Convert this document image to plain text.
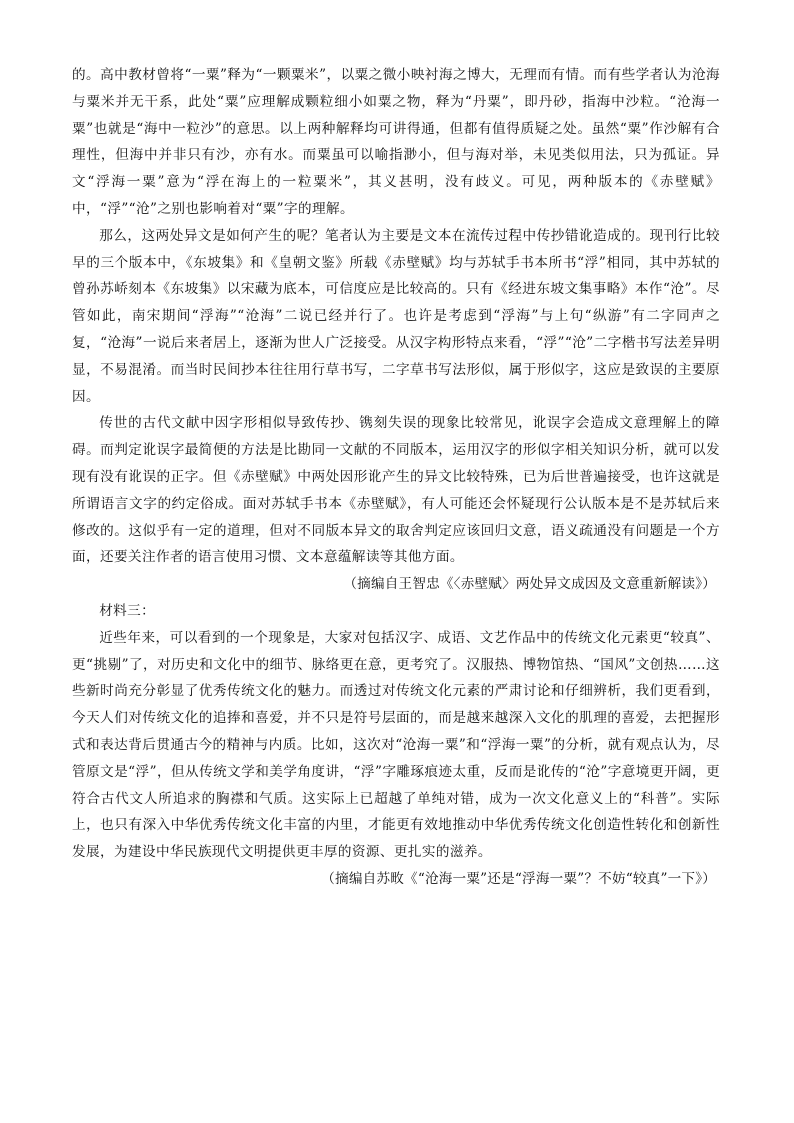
的。高中教材曾将“一粟”释为“一颗粟米”，以粟之微小映衬海之博大，无理而有情。而有些学者认为沧海与粟米并无干系，此处“粟”应理解成颗粒细小如粟之物，释为“丹粟”，即丹砂，指海中沙粒。“沧海一粟”也就是“海中一粒沙”的意思。以上两种解释均可讲得通，但都有值得质疑之处。虽然“粟”作沙解有合理性，但海中并非只有沙，亦有水。而粟虽可以喻指渺小，但与海对举，未见类似用法，只为孤证。异文“浮海一粟”意为“浮在海上的一粒粟米”，其义甚明，没有歧义。可见，两种版本的《赤壁赋》中，“浮”“沧”之别也影响着对“粟”字的理解。

那么，这两处异文是如何产生的呢？笔者认为主要是文本在流传过程中传抄错讹造成的。现刊行比较早的三个版本中，《东坡集》和《皇朝文鉴》所载《赤壁赋》均与苏轼手书本所书“浮”相同，其中苏轼的曾孙苏峤刻本《东坡集》以宋藏为底本，可信度应是比较高的。只有《经进东坡文集事略》本作“沧”。尽管如此，南宋期间“浮海”“沧海”二说已经并行了。也许是考虑到“浮海”与上句“纵游”有二字同声之复，“沧海”一说后来者居上，逐渐为世人广泛接受。从汉字构形特点来看，“浮”“沧”二字楷书写法差异明显，不易混淆。而当时民间抄本往往用行草书写，二字草书写法形似，属于形似字，这应是致误的主要原因。

传世的古代文献中因字形相似导致传抄、镌刻失误的现象比较常见，讹误字会造成文意理解上的障碍。而判定讹误字最简便的方法是比勘同一文献的不同版本，运用汉字的形似字相关知识分析，就可以发现有没有讹误的正字。但《赤壁赋》中两处因形讹产生的异文比较特殊，已为后世普遍接受，也许这就是所谓语言文字的约定俗成。面对苏轼手书本《赤壁赋》，有人可能还会怀疑现行公认版本是不是苏轼后来修改的。这似乎有一定的道理，但对不同版本异文的取舍判定应该回归文意，语义疏通没有问题是一个方面，还要关注作者的语言使用习惯、文本意蕴解读等其他方面。

（摘编自王智忠《〈赤壁赋〉两处异文成因及文意重新解读》）

材料三：

近些年来，可以看到的一个现象是，大家对包括汉字、成语、文艺作品中的传统文化元素更“较真”、更“挑剔”了，对历史和文化中的细节、脉络更在意，更考究了。汉服热、博物馆热、“国风”文创热……这些新时尚充分彰显了优秀传统文化的魅力。而透过对传统文化元素的严肃讨论和仔细辨析，我们更看到，今天人们对传统文化的追捧和喜爱，并不只是符号层面的，而是越来越深入文化的肌理的喜爱，去把握形式和表达背后贯通古今的精神与内质。比如，这次对“沧海一粟”和“浮海一粟”的分析，就有观点认为，尽管原文是“浮”，但从传统文学和美学角度讲，“浮”字雕琢痕迹太重，反而是讹传的“沧”字意境更开阔，更符合古代文人所追求的胸襟和气质。这实际上已超越了单纯对错，成为一次文化意义上的“科普”。实际上，也只有深入中华优秀传统文化丰富的内里，才能更有效地推动中华优秀传统文化创造性转化和创新性发展，为建设中华民族现代文明提供更丰厚的资源、更扎实的滋养。

（摘编自苏畋《“沧海一粟”还是“浮海一粟”？不妨“较真”一下》）
